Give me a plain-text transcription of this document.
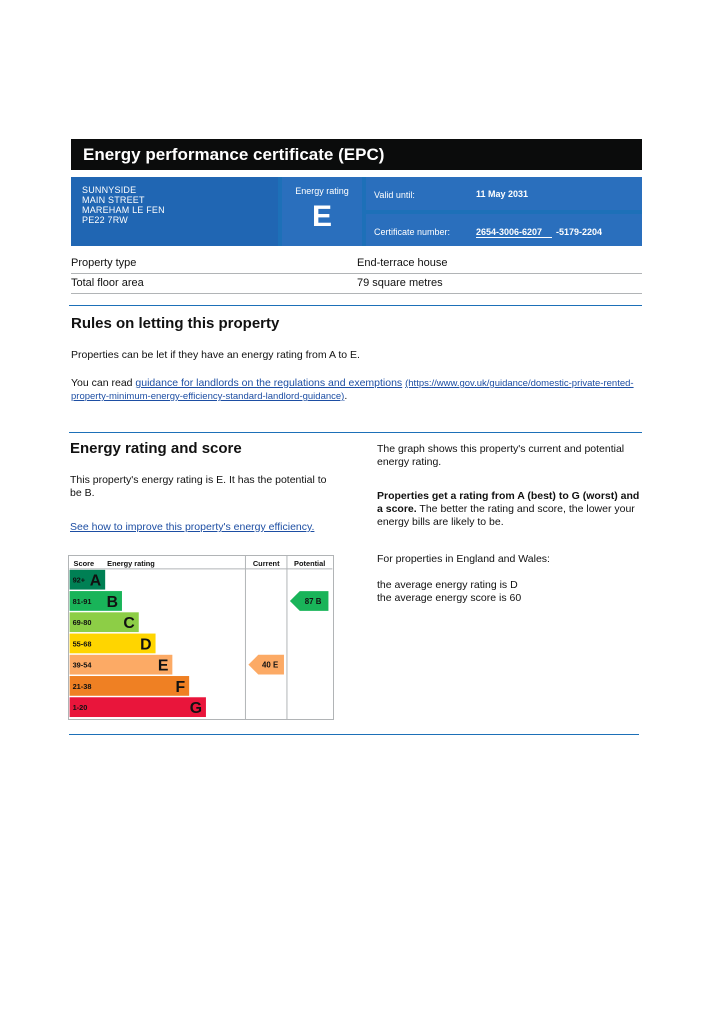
Energy performance certificate (EPC)
SUNNYSIDE
MAIN STREET
MAREHAM LE FEN
PE22 7RW
Energy rating
E
Valid until:	11 May 2031
Certificate number:	2654-3006-6207	-5179-2204
Property type	End-terrace house
Total floor area	79 square metres
Rules on letting this property
Properties can be let if they have an energy rating from A to E.
You can read guidance for landlords on the regulations and exemptions (https://www.gov.uk/guidance/domestic-private-rented-property-minimum-energy-efficiency-standard-landlord-guidance).
Energy rating and score
This property's energy rating is E. It has the potential to be B.
See how to improve this property's energy efficiency.
The graph shows this property's current and potential energy rating.
Properties get a rating from A (best) to G (worst) and a score. The better the rating and score, the lower your energy bills are likely to be.
For properties in England and Wales:
the average energy rating is D
the average energy score is 60
Score Energy rating	Current Potential
92+ A
81-91 B
69-80 C
55-68	D
39-54	E
21-38	F
1-20	G
40 E
87 B
